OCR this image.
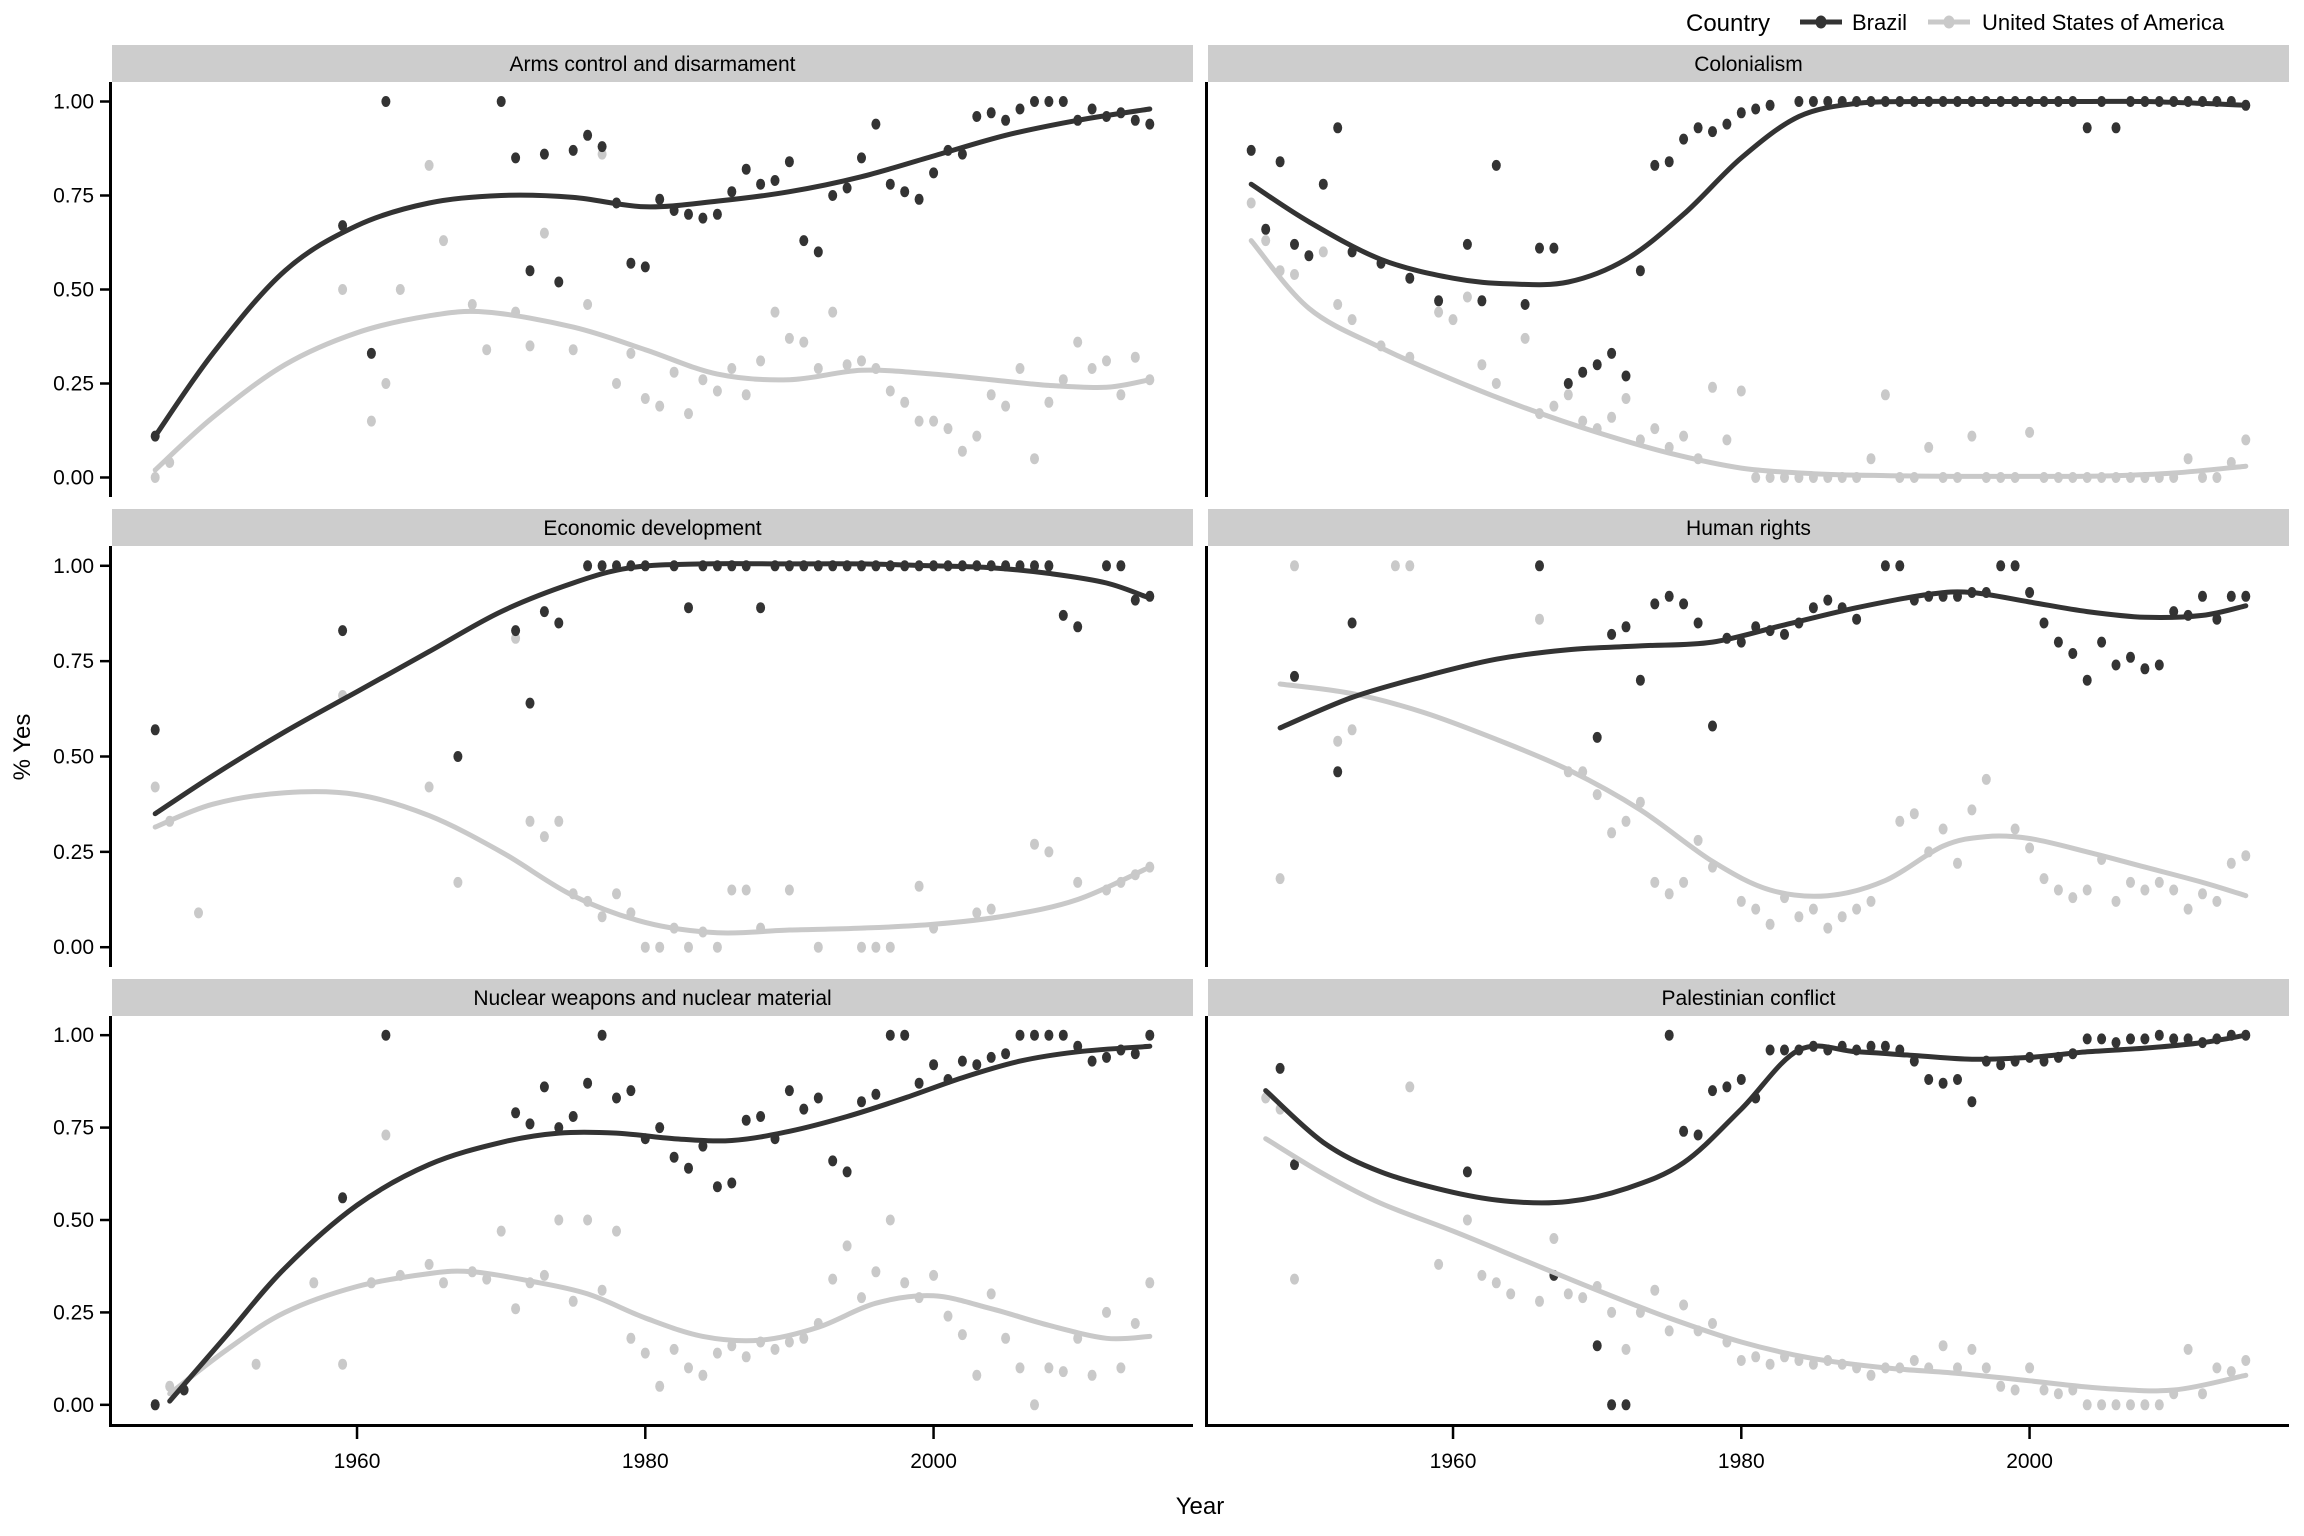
Country	Brazil	United States of America
Year
% Yes
Arms control and disarmament	Colonialism
Economic development	Human rights
Nuclear weapons and nuclear material	Palestinian conflict
1.00
0.75
0.50
0.25
0.00
1.00
0.75
0.50
0.25
0.00
1.00
0.75
0.50
0.25
0.00
1960	1980	2000	1960	1980	2000
